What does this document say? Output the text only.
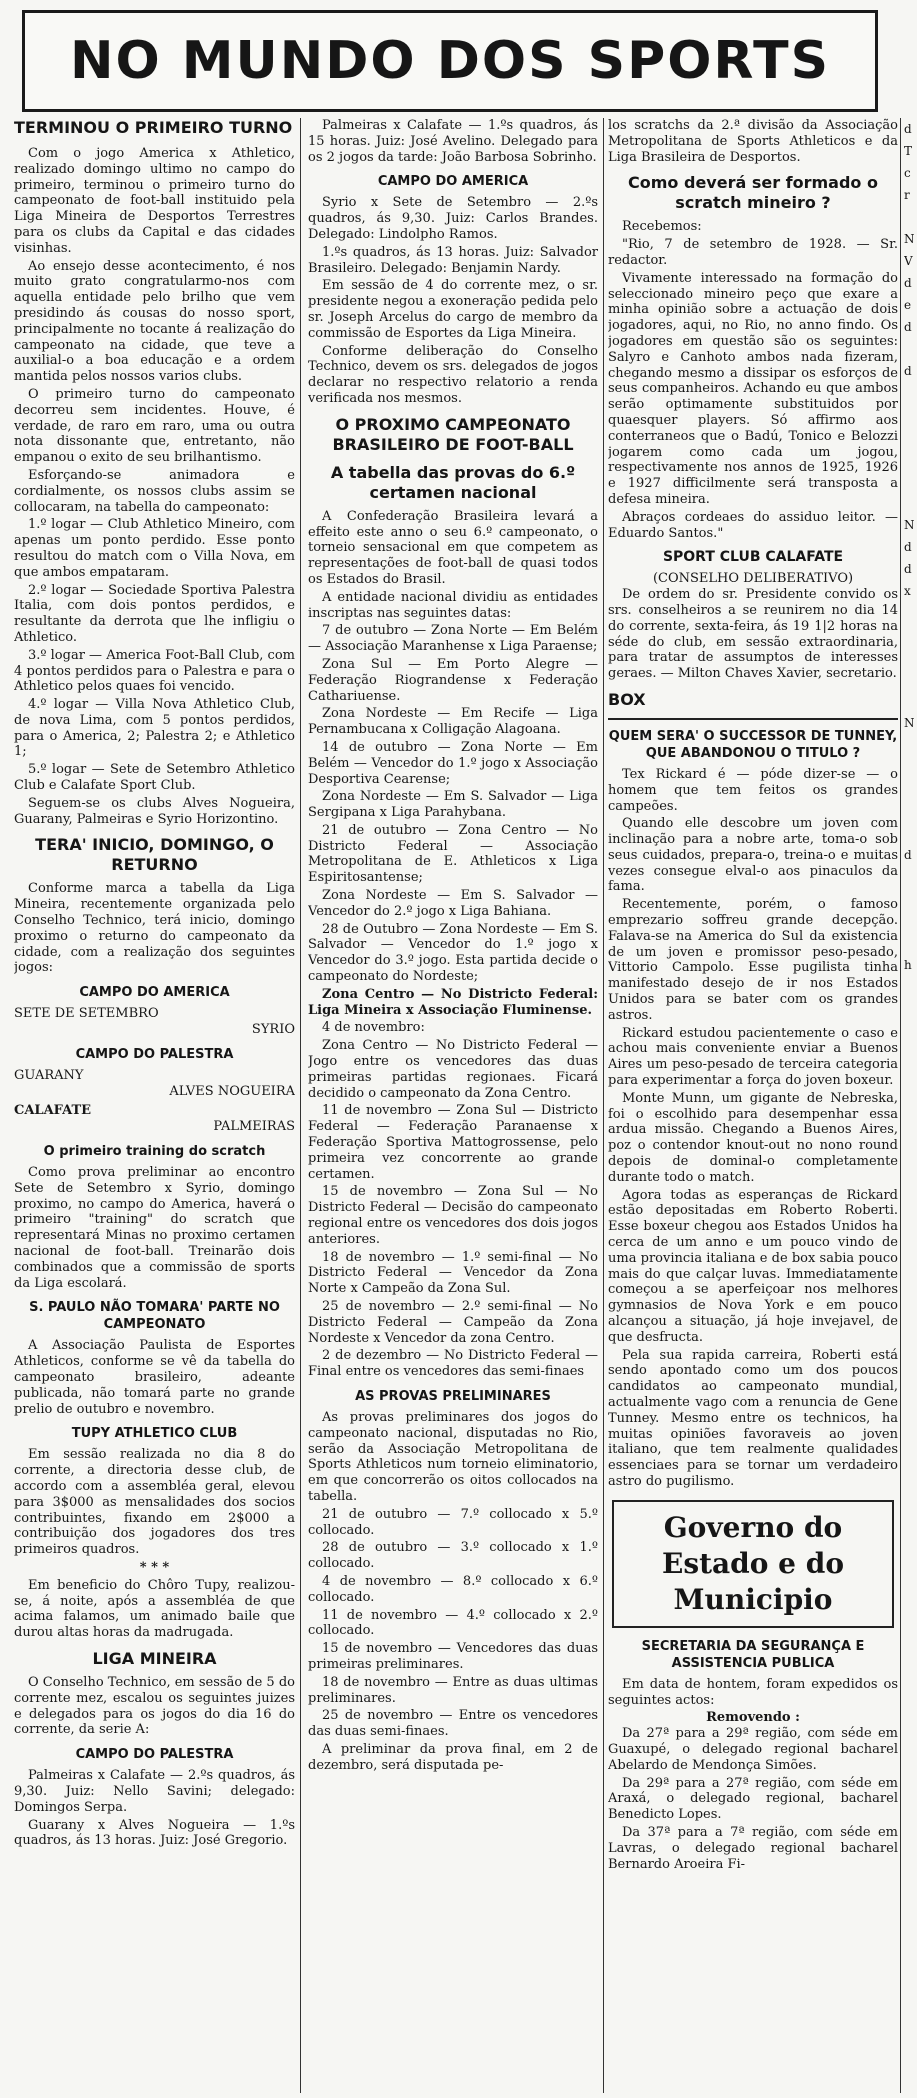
NO MUNDO DOS SPORTS
TERMINOU O PRIMEIRO TURNO

Com o jogo America x Athletico, realizado domingo ultimo no campo do primeiro, terminou o primeiro turno do campeonato de foot-ball instituido pela Liga Mineira de Desportos Terrestres para os clubs da Capital e das cidades visinhas.

Ao ensejo desse acontecimento, é nos muito grato congratularmo-nos com aquella entidade pelo brilho que vem presidindo ás cousas do nosso sport, principalmente no tocante á realização do campeonato na cidade, que teve a auxilial-o a boa educação e a ordem mantida pelos nossos varios clubs.

O primeiro turno do campeonato decorreu sem incidentes. Houve, é verdade, de raro em raro, uma ou outra nota dissonante que, entretanto, não empanou o exito de seu brilhantismo.

Esforçando-se animadora e cordialmente, os nossos clubs assim se collocaram, na tabella do campeonato:

1.º logar — Club Athletico Mineiro, com apenas um ponto perdido. Esse ponto resultou do match com o Villa Nova, em que ambos empataram.

2.º logar — Sociedade Sportiva Palestra Italia, com dois pontos perdidos, e resultante da derrota que lhe infligiu o Athletico.

3.º logar — America Foot-Ball Club, com 4 pontos perdidos para o Palestra e para o Athletico pelos quaes foi vencido.

4.º logar — Villa Nova Athletico Club, de nova Lima, com 5 pontos perdidos, para o America, 2; Palestra 2; e Athletico 1;

5.º logar — Sete de Setembro Athletico Club e Calafate Sport Club.

Seguem-se os clubs Alves Nogueira, Guarany, Palmeiras e Syrio Horizontino.

TERA' INICIO, DOMINGO, O RETURNO

Conforme marca a tabella da Liga Mineira, recentemente organizada pelo Conselho Technico, terá inicio, domingo proximo o returno do campeonato da cidade, com a realização dos seguintes jogos:

CAMPO DO AMERICA
SETE DE SETEMBRO
SYRIO
CAMPO DO PALESTRA
GUARANY
ALVES NOGUEIRA
CALAFATE
PALMEIRAS
O primeiro training do scratch

Como prova preliminar ao encontro Sete de Setembro x Syrio, domingo proximo, no campo do America, haverá o primeiro "training" do scratch que representará Minas no proximo certamen nacional de foot-ball. Treinarão dois combinados que a commissão de sports da Liga escolará.

S. PAULO NÃO TOMARA' PARTE NO CAMPEONATO

A Associação Paulista de Esportes Athleticos, conforme se vê da tabella do campeonato brasileiro, adeante publicada, não tomará parte no grande prelio de outubro e novembro.

TUPY ATHLETICO CLUB

Em sessão realizada no dia 8 do corrente, a directoria desse club, de accordo com a assembléa geral, elevou para 3$000 as mensalidades dos socios contribuintes, fixando em 2$000 a contribuição dos jogadores dos tres primeiros quadros.

* * *

Em beneficio do Chôro Tupy, realizou-se, á noite, após a assembléa de que acima falamos, um animado baile que durou altas horas da madrugada.

LIGA MINEIRA

O Conselho Technico, em sessão de 5 do corrente mez, escalou os seguintes juizes e delegados para os jogos do dia 16 do corrente, da serie A:

CAMPO DO PALESTRA

Palmeiras x Calafate — 2.ºs quadros, ás 9,30. Juiz: Nello Savini; delegado: Domingos Serpa.

Guarany x Alves Nogueira — 1.ºs quadros, ás 13 horas. Juiz: José Gregorio.

Palmeiras x Calafate — 1.ºs quadros, ás 15 horas. Juiz: José Avelino. Delegado para os 2 jogos da tarde: João Barbosa Sobrinho.

CAMPO DO AMERICA

Syrio x Sete de Setembro — 2.ºs quadros, ás 9,30. Juiz: Carlos Brandes. Delegado: Lindolpho Ramos.

1.ºs quadros, ás 13 horas. Juiz: Salvador Brasileiro. Delegado: Benjamin Nardy.

Em sessão de 4 do corrente mez, o sr. presidente negou a exoneração pedida pelo sr. Joseph Arcelus do cargo de membro da commissão de Esportes da Liga Mineira.

Conforme deliberação do Conselho Technico, devem os srs. delegados de jogos declarar no respectivo relatorio a renda verificada nos mesmos.

O PROXIMO CAMPEONATO BRASILEIRO DE FOOT-BALL
A tabella das provas do 6.º certamen nacional

A Confederação Brasileira levará a effeito este anno o seu 6.º campeonato, o torneio sensacional em que competem as representações de foot-ball de quasi todos os Estados do Brasil.

A entidade nacional dividiu as entidades inscriptas nas seguintes datas:

7 de outubro — Zona Norte — Em Belém — Associação Maranhense x Liga Paraense;

Zona Sul — Em Porto Alegre — Federação Riograndense x Federação Cathariuense.

Zona Nordeste — Em Recife — Liga Pernambucana x Colligação Alagoana.

14 de outubro — Zona Norte — Em Belém — Vencedor do 1.º jogo x Associação Desportiva Cearense;

Zona Nordeste — Em S. Salvador — Liga Sergipana x Liga Parahybana.

21 de outubro — Zona Centro — No Districto Federal — Associação Metropolitana de E. Athleticos x Liga Espiritosantense;

Zona Nordeste — Em S. Salvador — Vencedor do 2.º jogo x Liga Bahiana.

28 de Outubro — Zona Nordeste — Em S. Salvador — Vencedor do 1.º jogo x Vencedor do 3.º jogo. Esta partida decide o campeonato do Nordeste;

Zona Centro — No Districto Federal: Liga Mineira x Associação Fluminense.

4 de novembro:

Zona Centro — No Districto Federal — Jogo entre os vencedores das duas primeiras partidas regionaes. Ficará decidido o campeonato da Zona Centro.

11 de novembro — Zona Sul — Districto Federal — Federação Paranaense x Federação Sportiva Mattogrossense, pelo primeira vez concorrente ao grande certamen.

15 de novembro — Zona Sul — No Districto Federal — Decisão do campeonato regional entre os vencedores dos dois jogos anteriores.

18 de novembro — 1.º semi-final — No Districto Federal — Vencedor da Zona Norte x Campeão da Zona Sul.

25 de novembro — 2.º semi-final — No Districto Federal — Campeão da Zona Nordeste x Vencedor da zona Centro.

2 de dezembro — No Districto Federal — Final entre os vencedores das semi-finaes

AS PROVAS PRELIMINARES

As provas preliminares dos jogos do campeonato nacional, disputadas no Rio, serão da Associação Metropolitana de Sports Athleticos num torneio eliminatorio, em que concorrerão os oitos collocados na tabella.

21 de outubro — 7.º collocado x 5.º collocado.

28 de outubro — 3.º collocado x 1.º collocado.

4 de novembro — 8.º collocado x 6.º collocado.

11 de novembro — 4.º collocado x 2.º collocado.

15 de novembro — Vencedores das duas primeiras preliminares.

18 de novembro — Entre as duas ultimas preliminares.

25 de novembro — Entre os vencedores das duas semi-finaes.

A preliminar da prova final, em 2 de dezembro, será disputada pe-

los scratchs da 2.ª divisão da Associação Metropolitana de Sports Athleticos e da Liga Brasileira de Desportos.

Como deverá ser formado o scratch mineiro ?

Recebemos:

"Rio, 7 de setembro de 1928. — Sr. redactor.

Vivamente interessado na formação do seleccionado mineiro peço que exare a minha opinião sobre a actuação de dois jogadores, aqui, no Rio, no anno findo. Os jogadores em questão são os seguintes: Salyro e Canhoto ambos nada fizeram, chegando mesmo a dissipar os esforços de seus companheiros. Achando eu que ambos serão optimamente substituidos por quaesquer players. Só affirmo aos conterraneos que o Badú, Tonico e Belozzi jogarem como cada um jogou, respectivamente nos annos de 1925, 1926 e 1927 difficilmente será transposta a defesa mineira.

Abraços cordeaes do assiduo leitor. — Eduardo Santos."

SPORT CLUB CALAFATE
(CONSELHO DELIBERATIVO)

De ordem do sr. Presidente convido os srs. conselheiros a se reunirem no dia 14 do corrente, sexta-feira, ás 19 1|2 horas na séde do club, em sessão extraordinaria, para tratar de assumptos de interesses geraes. — Milton Chaves Xavier, secretario.

BOX
QUEM SERA' O SUCCESSOR DE TUNNEY, QUE ABANDONOU O TITULO ?

Tex Rickard é — póde dizer-se — o homem que tem feitos os grandes campeões.

Quando elle descobre um joven com inclinação para a nobre arte, toma-o sob seus cuidados, prepara-o, treina-o e muitas vezes consegue elval-o aos pinaculos da fama.

Recentemente, porém, o famoso emprezario soffreu grande decepção. Falava-se na America do Sul da existencia de um joven e promissor peso-pesado, Vittorio Campolo. Esse pugilista tinha manifestado desejo de ir nos Estados Unidos para se bater com os grandes astros.

Rickard estudou pacientemente o caso e achou mais conveniente enviar a Buenos Aires um peso-pesado de terceira categoria para experimentar a força do joven boxeur.

Monte Munn, um gigante de Nebreska, foi o escolhido para desempenhar essa ardua missão. Chegando a Buenos Aires, poz o contendor knout-out no nono round depois de dominal-o completamente durante todo o match.

Agora todas as esperanças de Rickard estão depositadas em Roberto Roberti. Esse boxeur chegou aos Estados Unidos ha cerca de um anno e um pouco vindo de uma provincia italiana e de box sabia pouco mais do que calçar luvas. Immediatamente começou a se aperfeiçoar nos melhores gymnasios de Nova York e em pouco alcançou a situação, já hoje invejavel, de que desfructa.

Pela sua rapida carreira, Roberti está sendo apontado como um dos poucos candidatos ao campeonato mundial, actualmente vago com a renuncia de Gene Tunney. Mesmo entre os technicos, ha muitas opiniões favoraveis ao joven italiano, que tem realmente qualidades essenciaes para se tornar um verdadeiro astro do pugilismo.

Governo do Estado e do Municipio
SECRETARIA DA SEGURANÇA E ASSISTENCIA PUBLICA

Em data de hontem, foram expedidos os seguintes actos:

Removendo :

Da 27ª para a 29ª região, com séde em Guaxupé, o delegado regional bacharel Abelardo de Mendonça Simões.

Da 29ª para a 27ª região, com séde em Araxá, o delegado regional, bacharel Benedicto Lopes.

Da 37ª para a 7ª região, com séde em Lavras, o delegado regional bacharel Bernardo Aroeira Fi-

d
T
c
r

N
V
d
e
d

d

N
d
d
x

N

d

h
